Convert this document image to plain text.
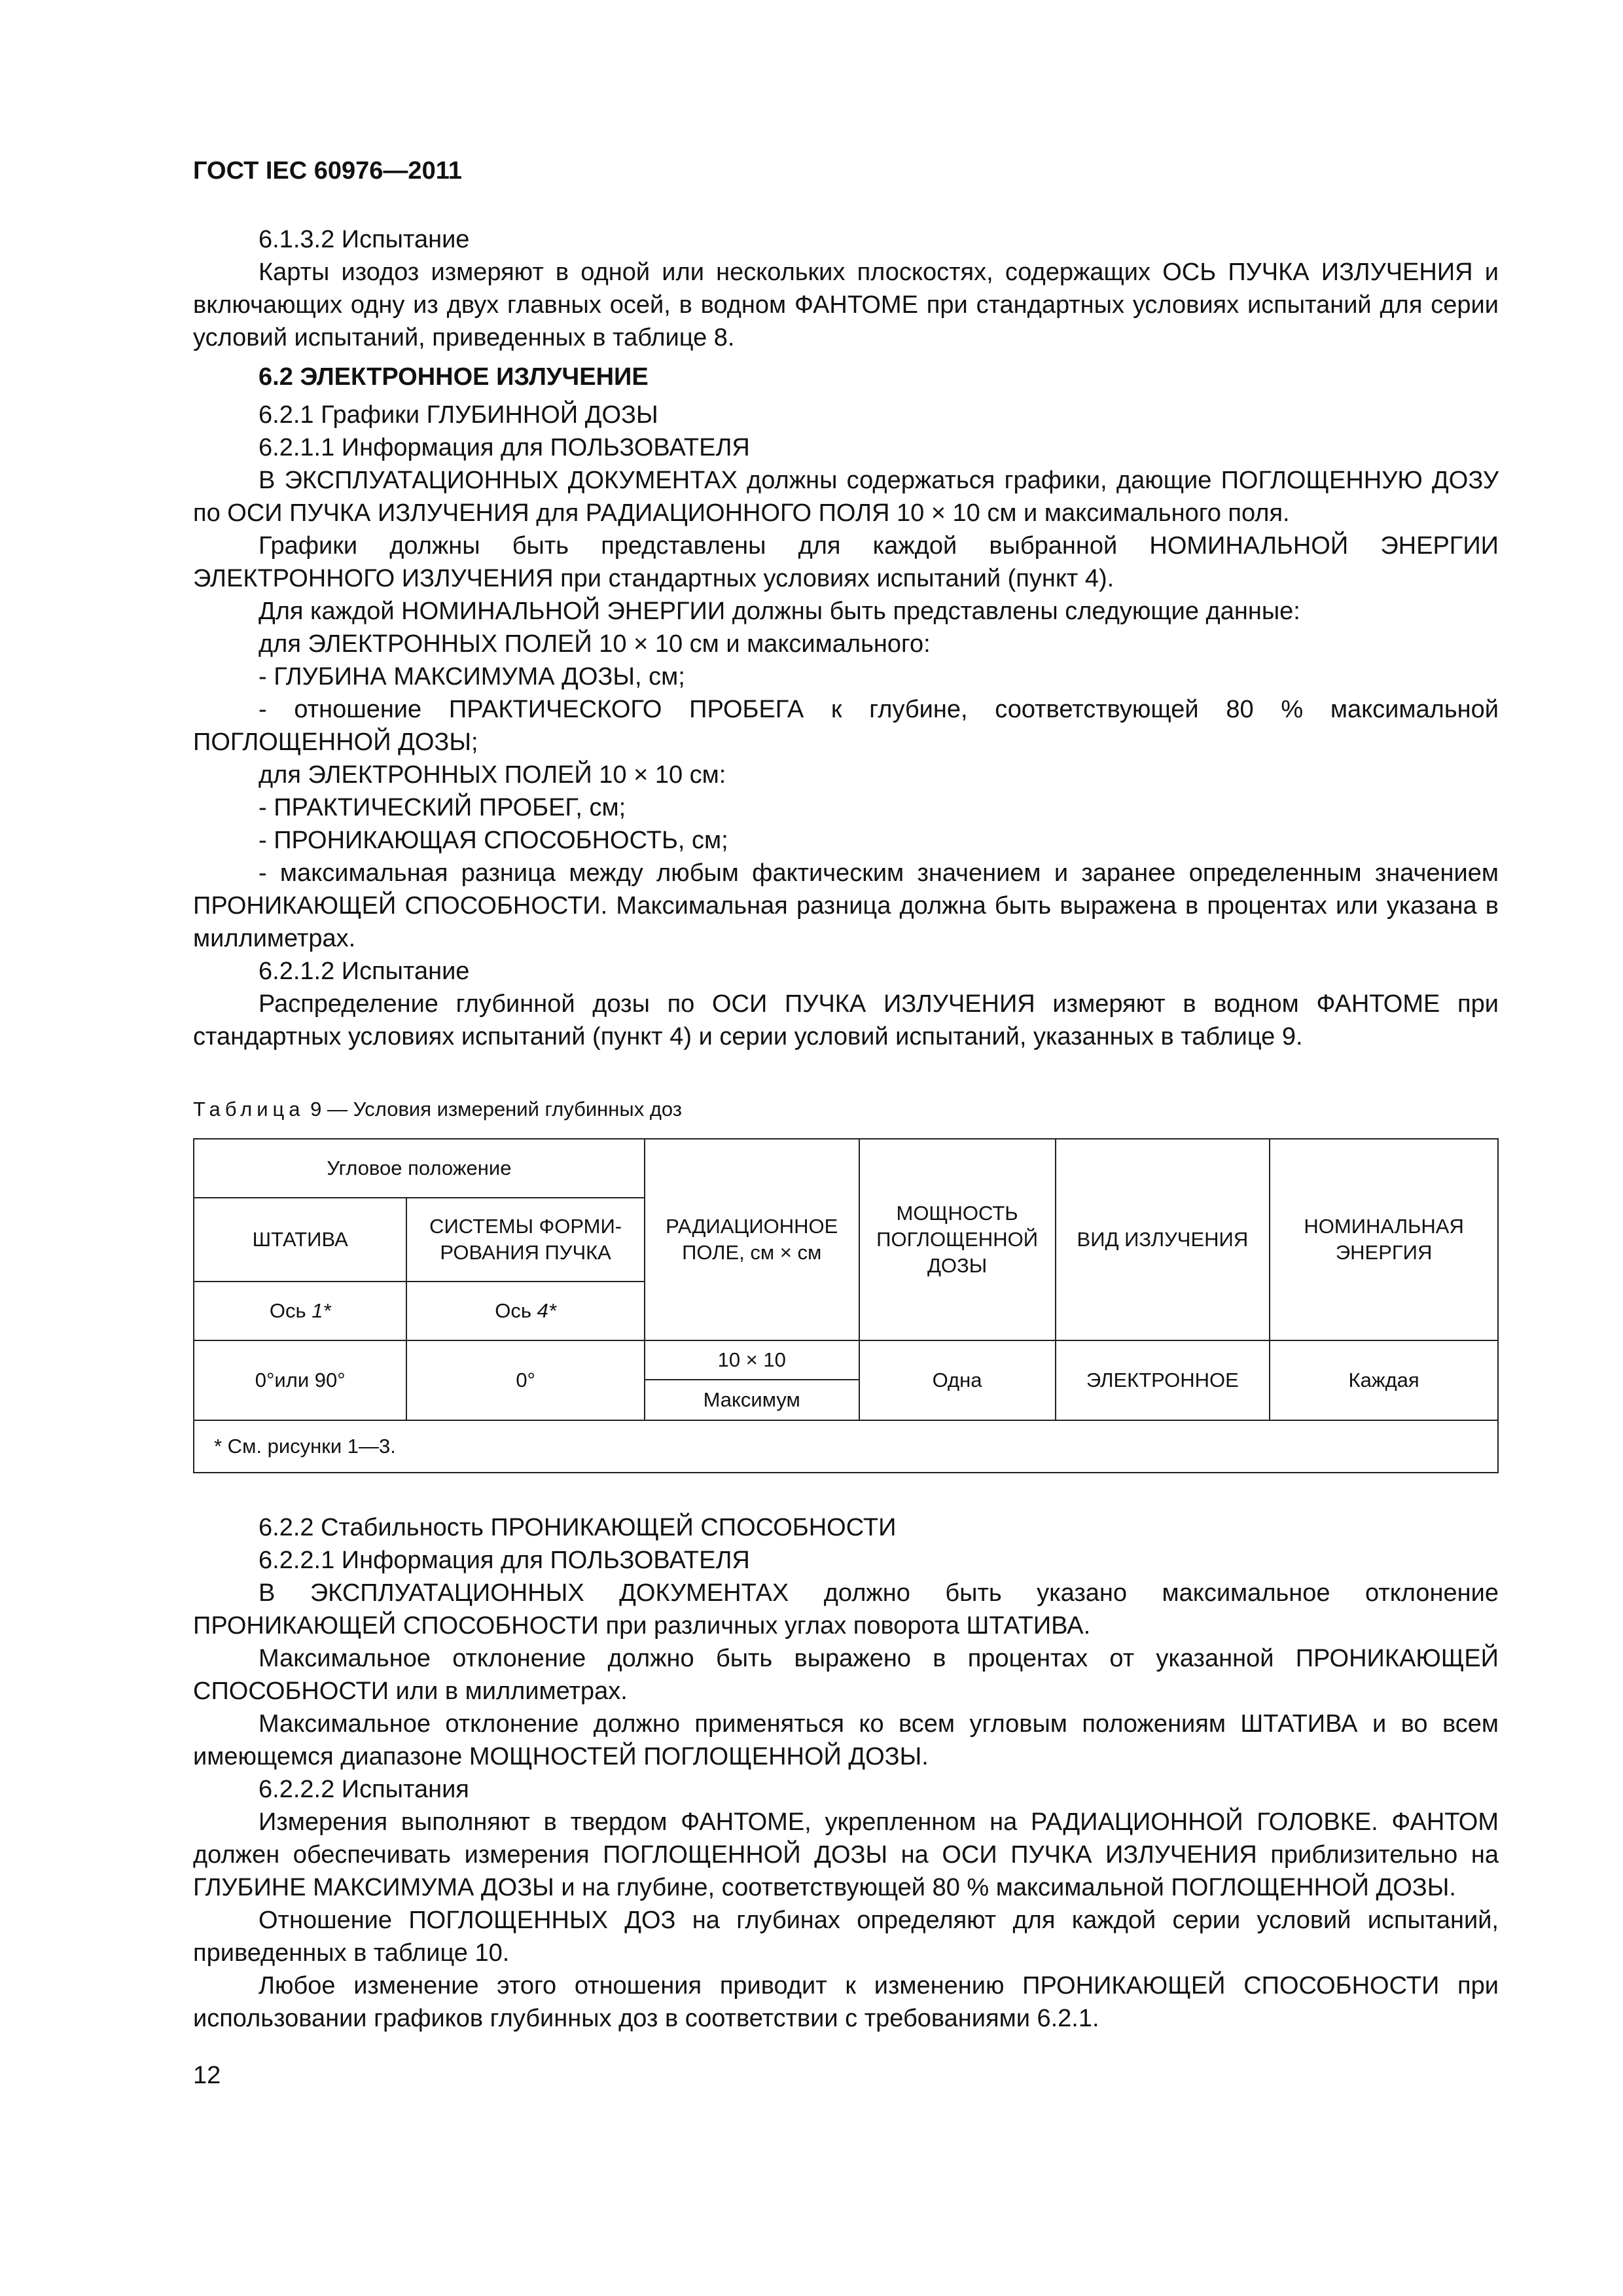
ГОСТ IEC 60976—2011

6.1.3.2 Испытание

Карты изодоз измеряют в одной или нескольких плоскостях, содержащих ОСЬ ПУЧКА ИЗЛУЧЕНИЯ и включающих одну из двух главных осей, в водном ФАНТОМЕ при стандартных условиях испытаний для серии условий испытаний, приведенных в таблице 8.

6.2 ЭЛЕКТРОННОЕ ИЗЛУЧЕНИЕ

6.2.1 Графики ГЛУБИННОЙ ДОЗЫ

6.2.1.1 Информация для ПОЛЬЗОВАТЕЛЯ

В ЭКСПЛУАТАЦИОННЫХ ДОКУМЕНТАХ должны содержаться графики, дающие ПОГЛОЩЕННУЮ ДОЗУ по ОСИ ПУЧКА ИЗЛУЧЕНИЯ для РАДИАЦИОННОГО ПОЛЯ 10 × 10 см и максимального поля.

Графики должны быть представлены для каждой выбранной НОМИНАЛЬНОЙ ЭНЕРГИИ ЭЛЕКТРОННОГО ИЗЛУЧЕНИЯ при стандартных условиях испытаний (пункт 4).

Для каждой НОМИНАЛЬНОЙ ЭНЕРГИИ должны быть представлены следующие данные:

для ЭЛЕКТРОННЫХ ПОЛЕЙ 10 × 10 см и максимального:

- ГЛУБИНА МАКСИМУМА ДОЗЫ, см;

- отношение ПРАКТИЧЕСКОГО ПРОБЕГА к глубине, соответствующей 80 % максимальной ПОГЛОЩЕННОЙ ДОЗЫ;

для ЭЛЕКТРОННЫХ ПОЛЕЙ 10 × 10 см:

- ПРАКТИЧЕСКИЙ ПРОБЕГ, см;

- ПРОНИКАЮЩАЯ СПОСОБНОСТЬ, см;

- максимальная разница между любым фактическим значением и заранее определенным значением ПРОНИКАЮЩЕЙ СПОСОБНОСТИ. Максимальная разница должна быть выражена в процентах или указана в миллиметрах.

6.2.1.2 Испытание

Распределение глубинной дозы по ОСИ ПУЧКА ИЗЛУЧЕНИЯ измеряют в водном ФАНТОМЕ при стандартных условиях испытаний (пункт 4) и серии условий испытаний, указанных в таблице 9.

Таблица 9 — Условия измерений глубинных доз
Угловое положение		РАДИАЦИОННОЕ ПОЛЕ, см × см	МОЩНОСТЬ ПОГЛОЩЕННОЙ ДОЗЫ	ВИД ИЗЛУЧЕНИЯ	НОМИНАЛЬНАЯ ЭНЕРГИЯ
ШТАТИВА	СИСТЕМЫ ФОРМИ-РОВАНИЯ ПУЧКА				
Ось 1*	Ось 4*				
0°или 90°	0°	10 × 10	Одна	ЭЛЕКТРОННОЕ	Каждая
		Максимум			
* См. рисунки 1—3.					

6.2.2 Стабильность ПРОНИКАЮЩЕЙ СПОСОБНОСТИ

6.2.2.1 Информация для ПОЛЬЗОВАТЕЛЯ

В ЭКСПЛУАТАЦИОННЫХ ДОКУМЕНТАХ должно быть указано максимальное отклонение ПРОНИКАЮЩЕЙ СПОСОБНОСТИ при различных углах поворота ШТАТИВА.

Максимальное отклонение должно быть выражено в процентах от указанной ПРОНИКАЮЩЕЙ СПОСОБНОСТИ или в миллиметрах.

Максимальное отклонение должно применяться ко всем угловым положениям ШТАТИВА и во всем имеющемся диапазоне МОЩНОСТЕЙ ПОГЛОЩЕННОЙ ДОЗЫ.

6.2.2.2 Испытания

Измерения выполняют в твердом ФАНТОМЕ, укрепленном на РАДИАЦИОННОЙ ГОЛОВКЕ. ФАНТОМ должен обеспечивать измерения ПОГЛОЩЕННОЙ ДОЗЫ на ОСИ ПУЧКА ИЗЛУЧЕНИЯ приблизительно на ГЛУБИНЕ МАКСИМУМА ДОЗЫ и на глубине, соответствующей 80 % максимальной ПОГЛОЩЕННОЙ ДОЗЫ.

Отношение ПОГЛОЩЕННЫХ ДОЗ на глубинах определяют для каждой серии условий испытаний, приведенных в таблице 10.

Любое изменение этого отношения приводит к изменению ПРОНИКАЮЩЕЙ СПОСОБНОСТИ при использовании графиков глубинных доз в соответствии с требованиями 6.2.1.

12
